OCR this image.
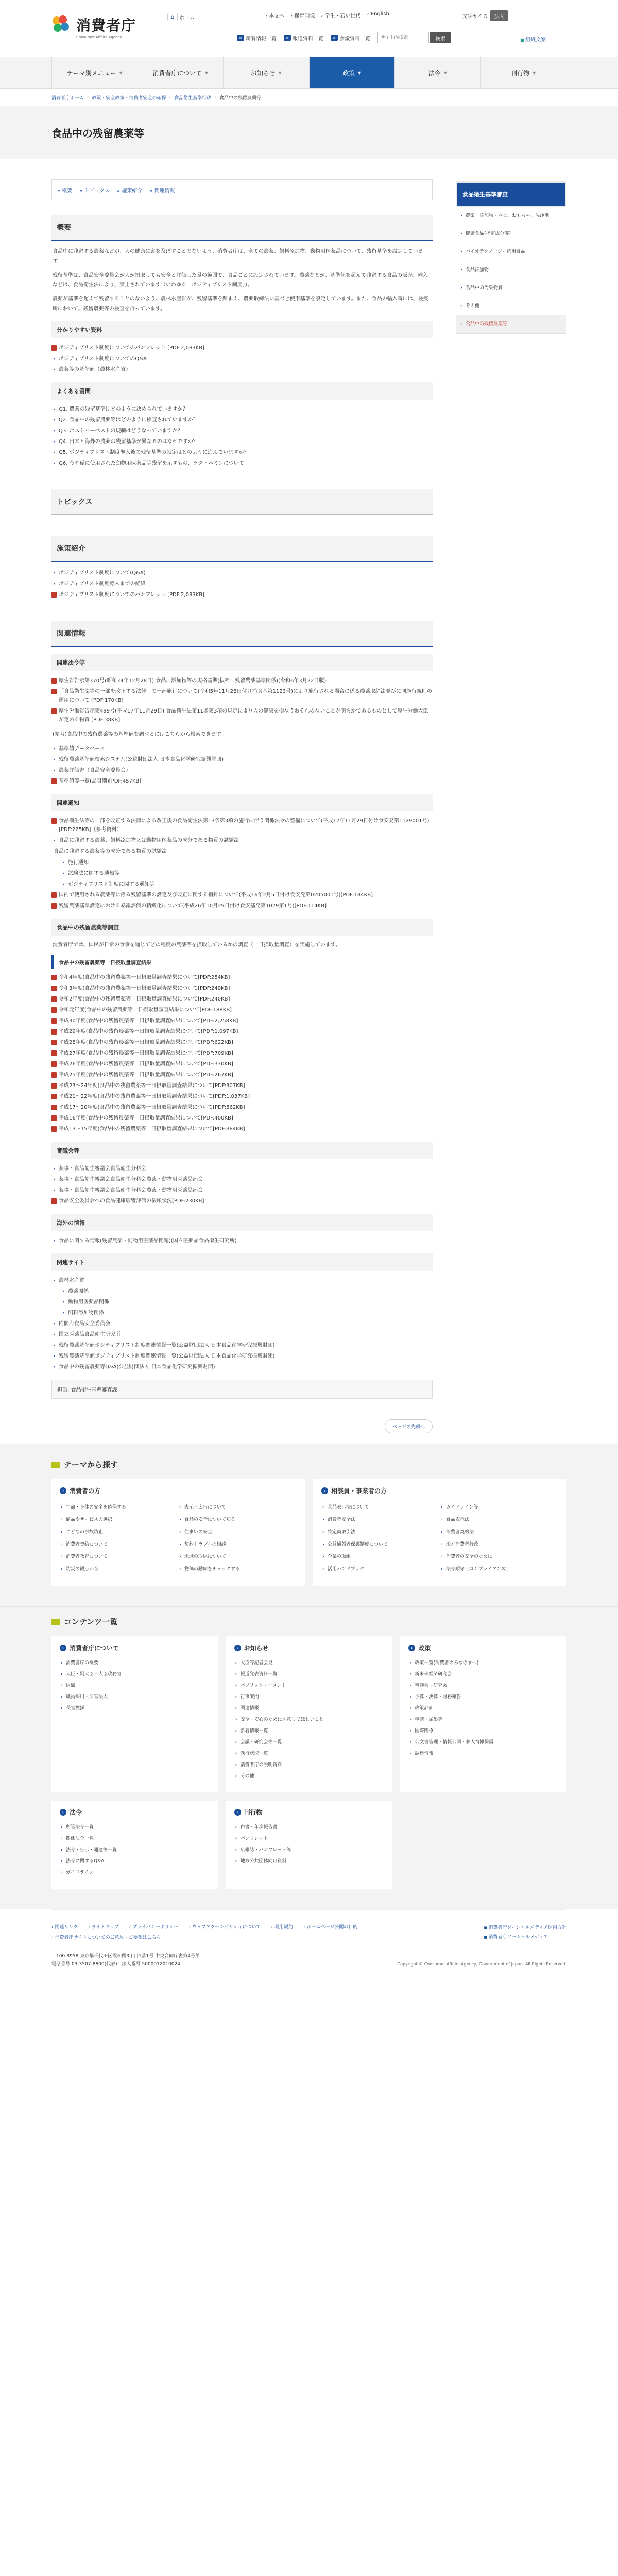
消費者庁
Consumer Affairs Agency
⌂ ホーム	› 本文へ	› 保育画像	› 学生・若い世代	› English	文字サイズ	拡大
≡ 新着情報一覧	≡ 報道資料一覧	≡ 会議資料一覧
サイト内検索	検索	■ 組織文案
テーマ別メニュー ▼	消費者庁について ▼	お知らせ ▼	政策 ▼	法令 ▼	刊行物 ▼
消費者庁ホーム › 政策・安全政策・消費者安全の確保 › 食品衛生基準行政 › 食品中の残留農薬等
食品中の残留農薬等
» 概要	» トピックス	» 施策紹介	» 関連情報
概要

食品中に残留する農薬などが、人の健康に害を及ぼすことのないよう、消費者庁は、全ての農薬、飼料添加物、動物用医薬品について、残留基準を設定しています。

残留基準は、食品安全委員会が人が摂取しても安全と評価した量の範囲で、食品ごとに設定されています。農薬などが、基準値を超えて残留する食品の販売、輸入などは、食品衛生法により、禁止されています（いわゆる「ポジティブリスト制度」）。

農薬が基準を超えて残留することのないよう、農林水産省が、残留基準を踏まえ、農薬取締法に基づき使用基準を設定しています。また、食品の輸入時には、検疫所において、残留農薬等の検査を行っています。

分かりやすい資料
ポジティブリスト制度についてのパンフレット [PDF:2,083KB]
› ポジティブリスト制度についてのQ&A
› 農薬等の基準値（農林水産省）
よくある質問
› Q1. 農薬の残留基準はどのように決められていますか？
› Q2. 食品中の残留農薬等はどのように検査されていますか？
› Q3. ポストハーベストの規制はどうなっていますか？
› Q4. 日本と海外の農薬の残留基準が異なるのはなぜですか？
› Q5. ポジティブリスト制度導入後の残留基準の設定はどのように進んでいますか？
› Q6. 今や稲に使用された動物用医薬品等残留を示すもの、ラクトパミンについて
トピックス
施策紹介
› ポジティブリスト制度について(Q&A)
› ポジティブリスト制度導入までの経緯
ポジティブリスト制度についてのパンフレット [PDF:2,083KB]
関連情報
関連法令等
厚生省告示第370号(昭和34年12月28日) 食品、添加物等の規格基準(抜粋：残留農薬基準関係)(令和6年3月22日版)
「食品衛生法等の一部を改正する法律」の一部施行について(令和5年11月28日付け消食基第1123号)により施行される場合に係る農薬取締法並びに同施行規則の運用について [PDF:170KB]
厚生労働省告示第499号(平成17年11月29日) 食品衛生法第11条第3項の規定により人の健康を損なうおそれのないことが明らかであるものとして厚生労働大臣が定める物質 [PDF:38KB]

(参考)食品中の残留農薬等の基準値を調べるにはこちらから検索できます。

› 基準値データベース
› 残留農薬基準値検索システム(公益財団法人 日本食品化学研究振興財団)
› 農薬評価書（食品安全委員会）
基準値等一覧(品目別)[PDF:457KB]
関連通知
食品衛生法等の一部を改正する法律による改正後の食品衛生法第13条第3項の施行に伴う関係法令の整備について(平成17年11月29日付け食安発第1129001号)[PDF:265KB]（参考資料）
› 食品に残留する農薬、飼料添加物又は動物用医薬品の成分である物質の試験法
食品に残留する農薬等の成分である物質の試験法
› 施行通知
› 試験法に関する通知等
› ポジティブリスト制度に関する通知等
国内で使用される農薬等に係る残留基準の設定及び改正に関する指針について(平成16年2月5日付け食安発第0205001号)[PDF:184KB]
残留農薬基準設定における暴露評価の精緻化について(平成26年10月29日付け食安基発第1029第1号)[PDF:114KB]
食品中の残留農薬等調査

消費者庁では、国民が日常の食事を通じてどの程度の農薬等を摂取しているかの調査（一日摂取量調査）を実施しています。

食品中の残留農薬等一日摂取量調査結果
令和4年度(食品中の残留農薬等一日摂取量調査結果について[PDF:254KB]
令和3年度(食品中の残留農薬等一日摂取量調査結果について[PDF:249KB]
令和2年度(食品中の残留農薬等一日摂取量調査結果について[PDF:240KB]
令和元年度(食品中の残留農薬等一日摂取量調査結果について[PDF:188KB]
平成30年度(食品中の残留農薬等一日摂取量調査結果について[PDF:2,258KB]
平成29年度(食品中の残留農薬等一日摂取量調査結果について[PDF:1,097KB]
平成28年度(食品中の残留農薬等一日摂取量調査結果について[PDF:622KB]
平成27年度(食品中の残留農薬等一日摂取量調査結果について[PDF:709KB]
平成26年度(食品中の残留農薬等一日摂取量調査結果について[PDF:330KB]
平成25年度(食品中の残留農薬等一日摂取量調査結果について[PDF:267KB]
平成23～24年度(食品中の残留農薬等一日摂取量調査結果について[PDF:307KB]
平成21～22年度(食品中の残留農薬等一日摂取量調査結果について[PDF:1,037KB]
平成17～20年度(食品中の残留農薬等一日摂取量調査結果について[PDF:562KB]
平成16年度(食品中の残留農薬等一日摂取量調査結果について[PDF:400KB]
平成13～15年度(食品中の残留農薬等一日摂取量調査結果について[PDF:384KB]
審議会等
› 薬事・食品衛生審議会食品衛生分科会
› 薬事・食品衛生審議会食品衛生分科会農薬・動物用医薬品部会
› 薬事・食品衛生審議会食品衛生分科会農薬・動物用医薬品部会
食品安全委員会への食品健康影響評価の依頼状況[PDF:230KB]
海外の情報
› 食品に関する情報(残留農薬・動物用医薬品関連)(国立医薬品食品衛生研究所)
関連サイト
› 農林水産省
› 農薬関係
› 動物用医薬品関係
› 飼料添加物関係
› 内閣府食品安全委員会
› 国立医薬品食品衛生研究所
› 残留農薬基準値ポジティブリスト制度関連情報一覧(公益財団法人 日本食品化学研究振興財団)
› 残留農薬基準値ポジティブリスト制度関連情報一覧(公益財団法人 日本食品化学研究振興財団)
› 食品中の残留農薬等Q&A(公益財団法人 日本食品化学研究振興財団)
担当: 食品衛生基準審査課
ページの先頭へ
食品衛生基準審査
› 農薬・添加物・器具、おもちゃ、洗浄剤
› 健康食品(指定成分等)
› バイオテクノロジー応用食品
› 食品添加物
› 食品中の汚染物質
› その他
› 食品中の残留農薬等
テーマから探す
› 消費者の方
› 生命・身体の安全を確保する	› 表示・広告について
› 商品やサービスの選択	› 食品の安全について知る
› こどもの事故防止	› 住まいの安全
› 消費者契約について	› 契約トラブルの相談
› 消費者教育について	› 地域の取組について
› 防災の観点から	› 物価の動向をチェックする
› 相談員・事業者の方
› 景品表示法について	› ガイドライン等
› 消費者安全法	› 食品表示法
› 特定商取引法	› 消費者契約法
› 公益通報者保護制度について	› 地方消費者行政
› 企業の取組	› 消費者の安全のために
› 活用ハンドブック	› 法令順守（コンプライアンス）
コンテンツ一覧
› 消費者庁について
› 消費者庁の概要
› 大臣・副大臣・大臣政務官
› 組織
› 職員採用・所管法人
› 長官挨拶
› お知らせ
› 大臣等記者会見
› 報道発表資料一覧
› パブリック・コメント
› 行事案内
› 調達情報
› 安全・安心のために注意してほしいこと
› 新着情報一覧
› 会議・研究会等一覧
› 執行状況一覧
› 消費者庁の説明資料
› その他
› 政策
› 政策一覧(消費者のみなさまへ)
› 新未来経済研究会
› 審議会・研究会
› 予算・決算・財務報告
› 政策評価
› 申請・届出等
› 国際関係
› 公文書管理・情報公開・個人情報保護
› 調達情報
› 法令
› 所管法令一覧
› 関係法令一覧
› 法令・告示・通達等一覧
› 法令に関するQ&A
› ガイドライン
› 刊行物
› 白書・年次報告書
› パンフレット
› 広報誌・パンフレット等
› 地方公共団体向け資料
› 関連リンク	› サイトマップ	› プライバシーポリシー	› ウェブアクセシビリティについて	› 利用規約	› ホームページ公開の目的
› 消費者庁サイトについてのご意見・ご要望はこちら
■ 消費者庁ソーシャルメディア運用方針
■ 消費者庁ソーシャルメディア
〒100-8958 東京都千代田区霞が関3丁目1番1号 中央合同庁舎第4号館
電話番号 03-3507-8800(代表)　法人番号 5000012010024	Copyright © Consumer Affairs Agency, Government of Japan. All Rights Reserved.
